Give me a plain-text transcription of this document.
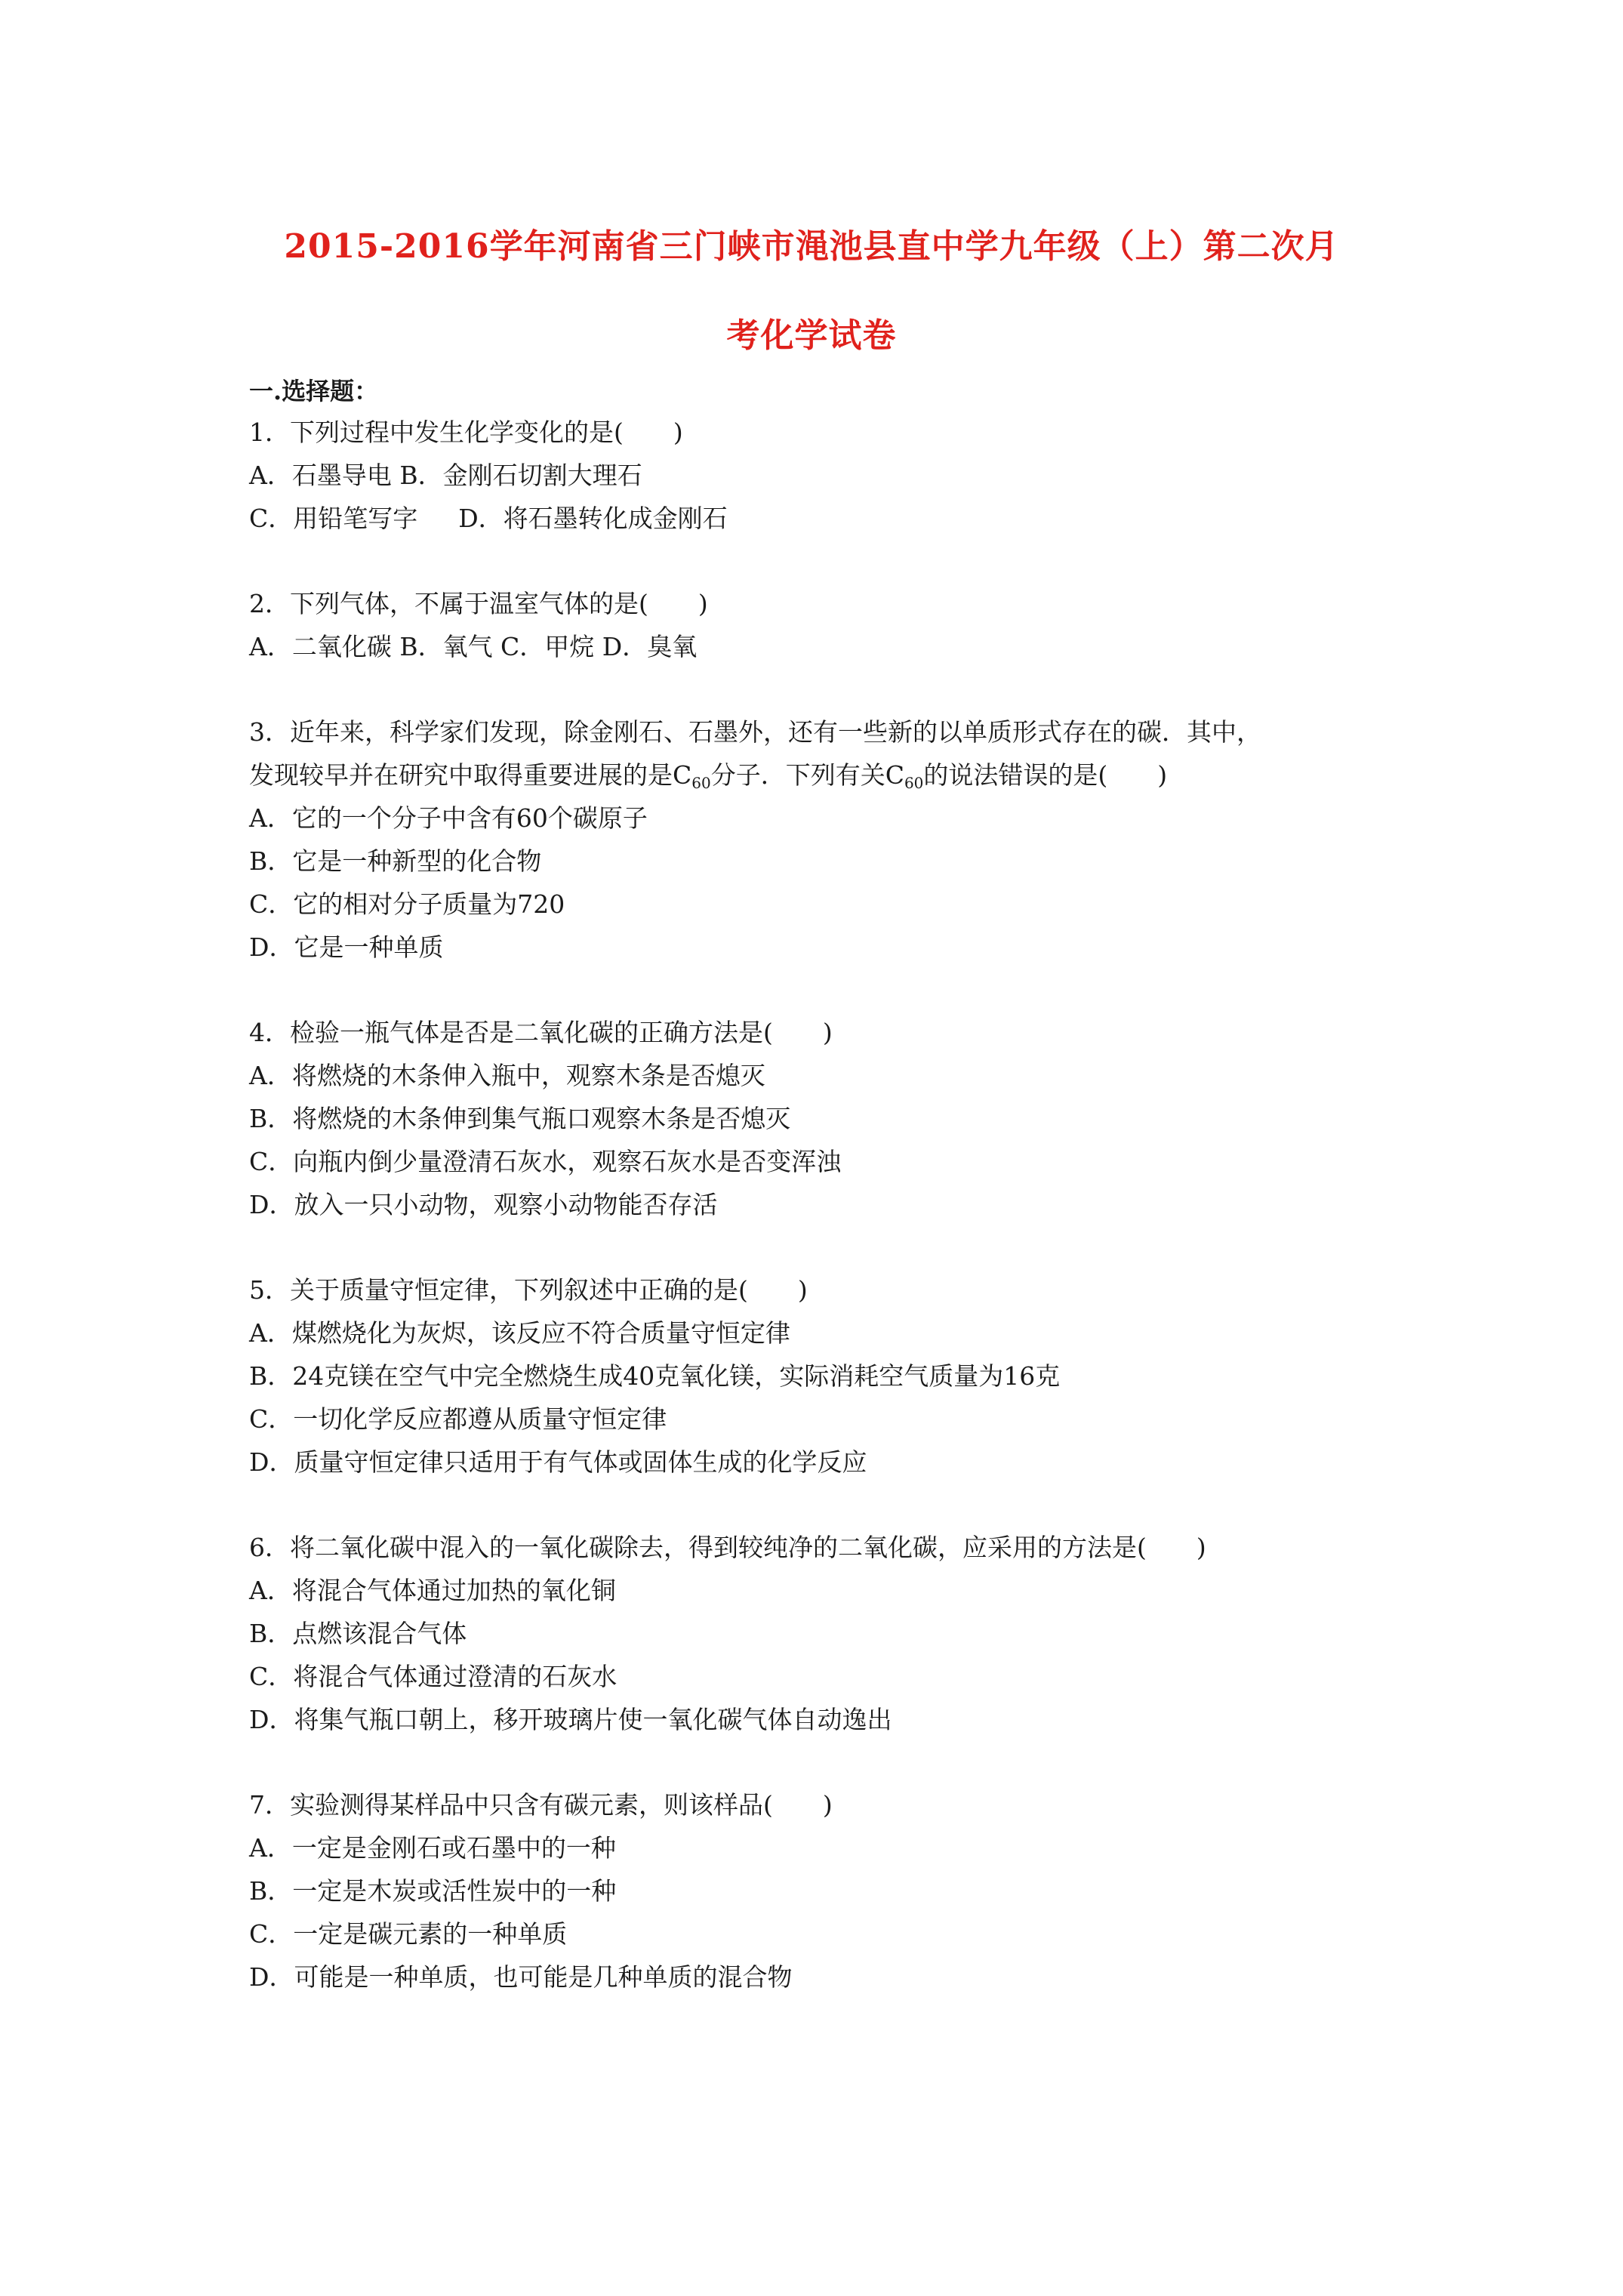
2015-2016学年河南省三门峡市渑池县直中学九年级（上）第二次月
考化学试卷
一.选择题：
1．下列过程中发生化学变化的是(　　)
A．石墨导电 B．金刚石切割大理石
C．用铅笔写字 　 D．将石墨转化成金刚石
2．下列气体，不属于温室气体的是(　　)
A．二氧化碳 B．氧气 C．甲烷 D．臭氧
3．近年来，科学家们发现，除金刚石、石墨外，还有一些新的以单质形式存在的碳．其中，
发现较早并在研究中取得重要进展的是$C_{60}$分子．下列有关$C_{60}$的说法错误的是(　　)
A．它的一个分子中含有60个碳原子
B．它是一种新型的化合物
C．它的相对分子质量为720
D．它是一种单质
4．检验一瓶气体是否是二氧化碳的正确方法是(　　)
A．将燃烧的木条伸入瓶中，观察木条是否熄灭
B．将燃烧的木条伸到集气瓶口观察木条是否熄灭
C．向瓶内倒少量澄清石灰水，观察石灰水是否变浑浊
D．放入一只小动物，观察小动物能否存活
5．关于质量守恒定律，下列叙述中正确的是(　　)
A．煤燃烧化为灰烬，该反应不符合质量守恒定律
B．24克镁在空气中完全燃烧生成40克氧化镁，实际消耗空气质量为16克
C．一切化学反应都遵从质量守恒定律
D．质量守恒定律只适用于有气体或固体生成的化学反应
6．将二氧化碳中混入的一氧化碳除去，得到较纯净的二氧化碳，应采用的方法是(　　)
A．将混合气体通过加热的氧化铜
B．点燃该混合气体
C．将混合气体通过澄清的石灰水
D．将集气瓶口朝上，移开玻璃片使一氧化碳气体自动逸出
7．实验测得某样品中只含有碳元素，则该样品(　　)
A．一定是金刚石或石墨中的一种
B．一定是木炭或活性炭中的一种
C．一定是碳元素的一种单质
D．可能是一种单质，也可能是几种单质的混合物
